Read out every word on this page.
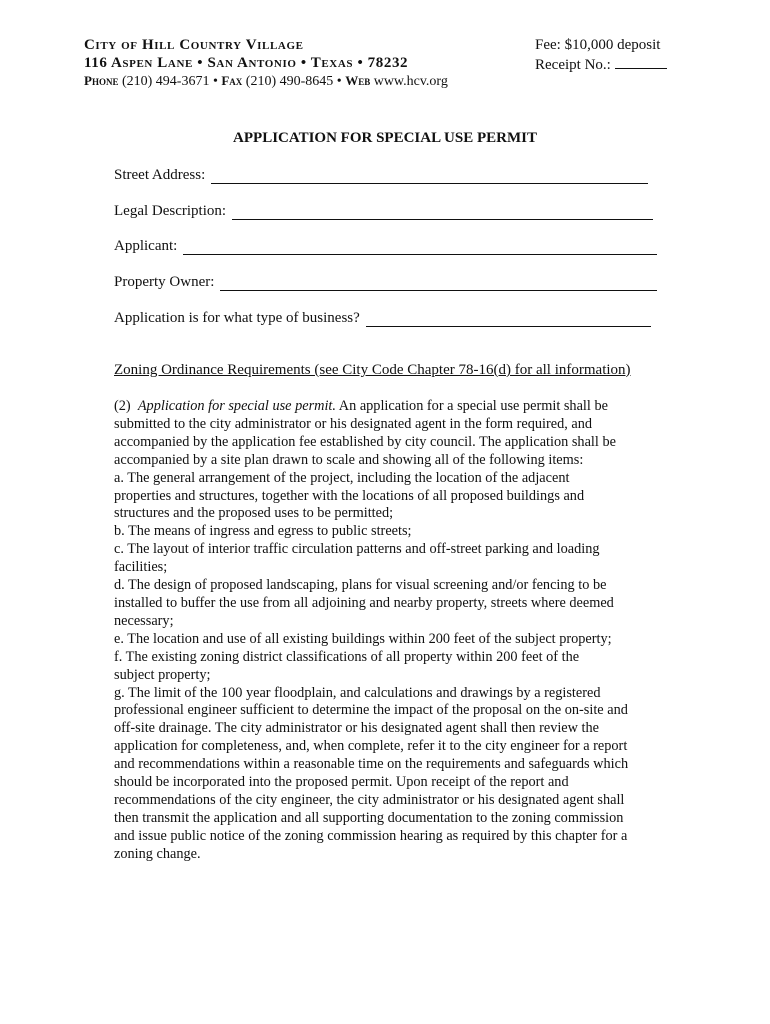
City of Hill Country Village
116 Aspen Lane • San Antonio • Texas • 78232
Phone (210) 494-3671 • Fax (210) 490-8645 • Web www.hcv.org
Fee: $10,000 deposit
Receipt No.:
APPLICATION FOR SPECIAL USE PERMIT
Street Address:
Legal Description:
Applicant:
Property Owner:
Application is for what type of business?
Zoning Ordinance Requirements (see City Code Chapter 78-16(d) for all information)
(2) Application for special use permit. An application for a special use permit shall be
submitted to the city administrator or his designated agent in the form required, and
accompanied by the application fee established by city council. The application shall be
accompanied by a site plan drawn to scale and showing all of the following items:
a. The general arrangement of the project, including the location of the adjacent
properties and structures, together with the locations of all proposed buildings and
structures and the proposed uses to be permitted;
b. The means of ingress and egress to public streets;
c. The layout of interior traffic circulation patterns and off-street parking and loading
facilities;
d. The design of proposed landscaping, plans for visual screening and/or fencing to be
installed to buffer the use from all adjoining and nearby property, streets where deemed
necessary;
e. The location and use of all existing buildings within 200 feet of the subject property;
f. The existing zoning district classifications of all property within 200 feet of the
subject property;
g. The limit of the 100 year floodplain, and calculations and drawings by a registered
professional engineer sufficient to determine the impact of the proposal on the on-site and
off-site drainage. The city administrator or his designated agent shall then review the
application for completeness, and, when complete, refer it to the city engineer for a report
and recommendations within a reasonable time on the requirements and safeguards which
should be incorporated into the proposed permit. Upon receipt of the report and
recommendations of the city engineer, the city administrator or his designated agent shall
then transmit the application and all supporting documentation to the zoning commission
and issue public notice of the zoning commission hearing as required by this chapter for a
zoning change.
